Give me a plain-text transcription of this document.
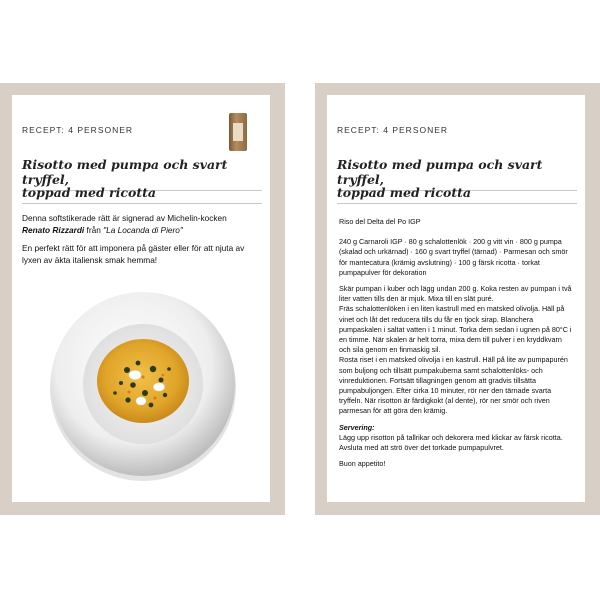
RECEPT: 4 PERSONER
Risotto med pumpa och svart tryffel,
toppad med ricotta

Denna softstikerade rätt är signerad av Michelin-kocken
Renato Rizzardi från "La Locanda di Piero"

En perfekt rätt för att imponera på gäster eller för att njuta av lyxen av äkta italiensk smak hemma!

RECEPT: 4 PERSONER
Risotto med pumpa och svart tryffel,
toppad med ricotta

Riso del Delta del Po IGP

240 g Carnaroli IGP · 80 g schalottenlök · 200 g vitt vin · 800 g pumpa (skalad och urkärnad) · 160 g svart tryffel (tärnad) · Parmesan och smör för mantecatura (krämig avslutning) · 100 g färsk ricotta · torkat pumpapulver för dekoration

Skär pumpan i kuber och lägg undan 200 g. Koka resten av pumpan i två liter vatten tills den är mjuk. Mixa till en slät puré.
Fräs schalottenlöken i en liten kastrull med en matsked olivolja. Häll på vinet och låt det reducera tills du får en tjock sirap. Blanchera pumpaskalen i saltat vatten i 1 minut. Torka dem sedan i ugnen på 80°C i en timme. När skalen är helt torra, mixa dem till pulver i en kryddkvarn och sila genom en finmaskig sil.
Rosta riset i en matsked olivolja i en kastrull. Häll på lite av pumpapurén som buljong och tillsätt pumpakuberna samt schalottenlöks- och vinreduktionen. Fortsätt tillagningen genom att gradvis tillsätta pumpabuljongen. Efter cirka 10 minuter, rör ner den tärnade svarta tryffeln. När risotton är färdigkokt (al dente), rör ner smör och riven parmesan för att göra den krämig.

Servering:

Lägg upp risotton på tallrikar och dekorera med klickar av färsk ricotta. Avsluta med att strö över det torkade pumpapulvret.

Buon appetito!
